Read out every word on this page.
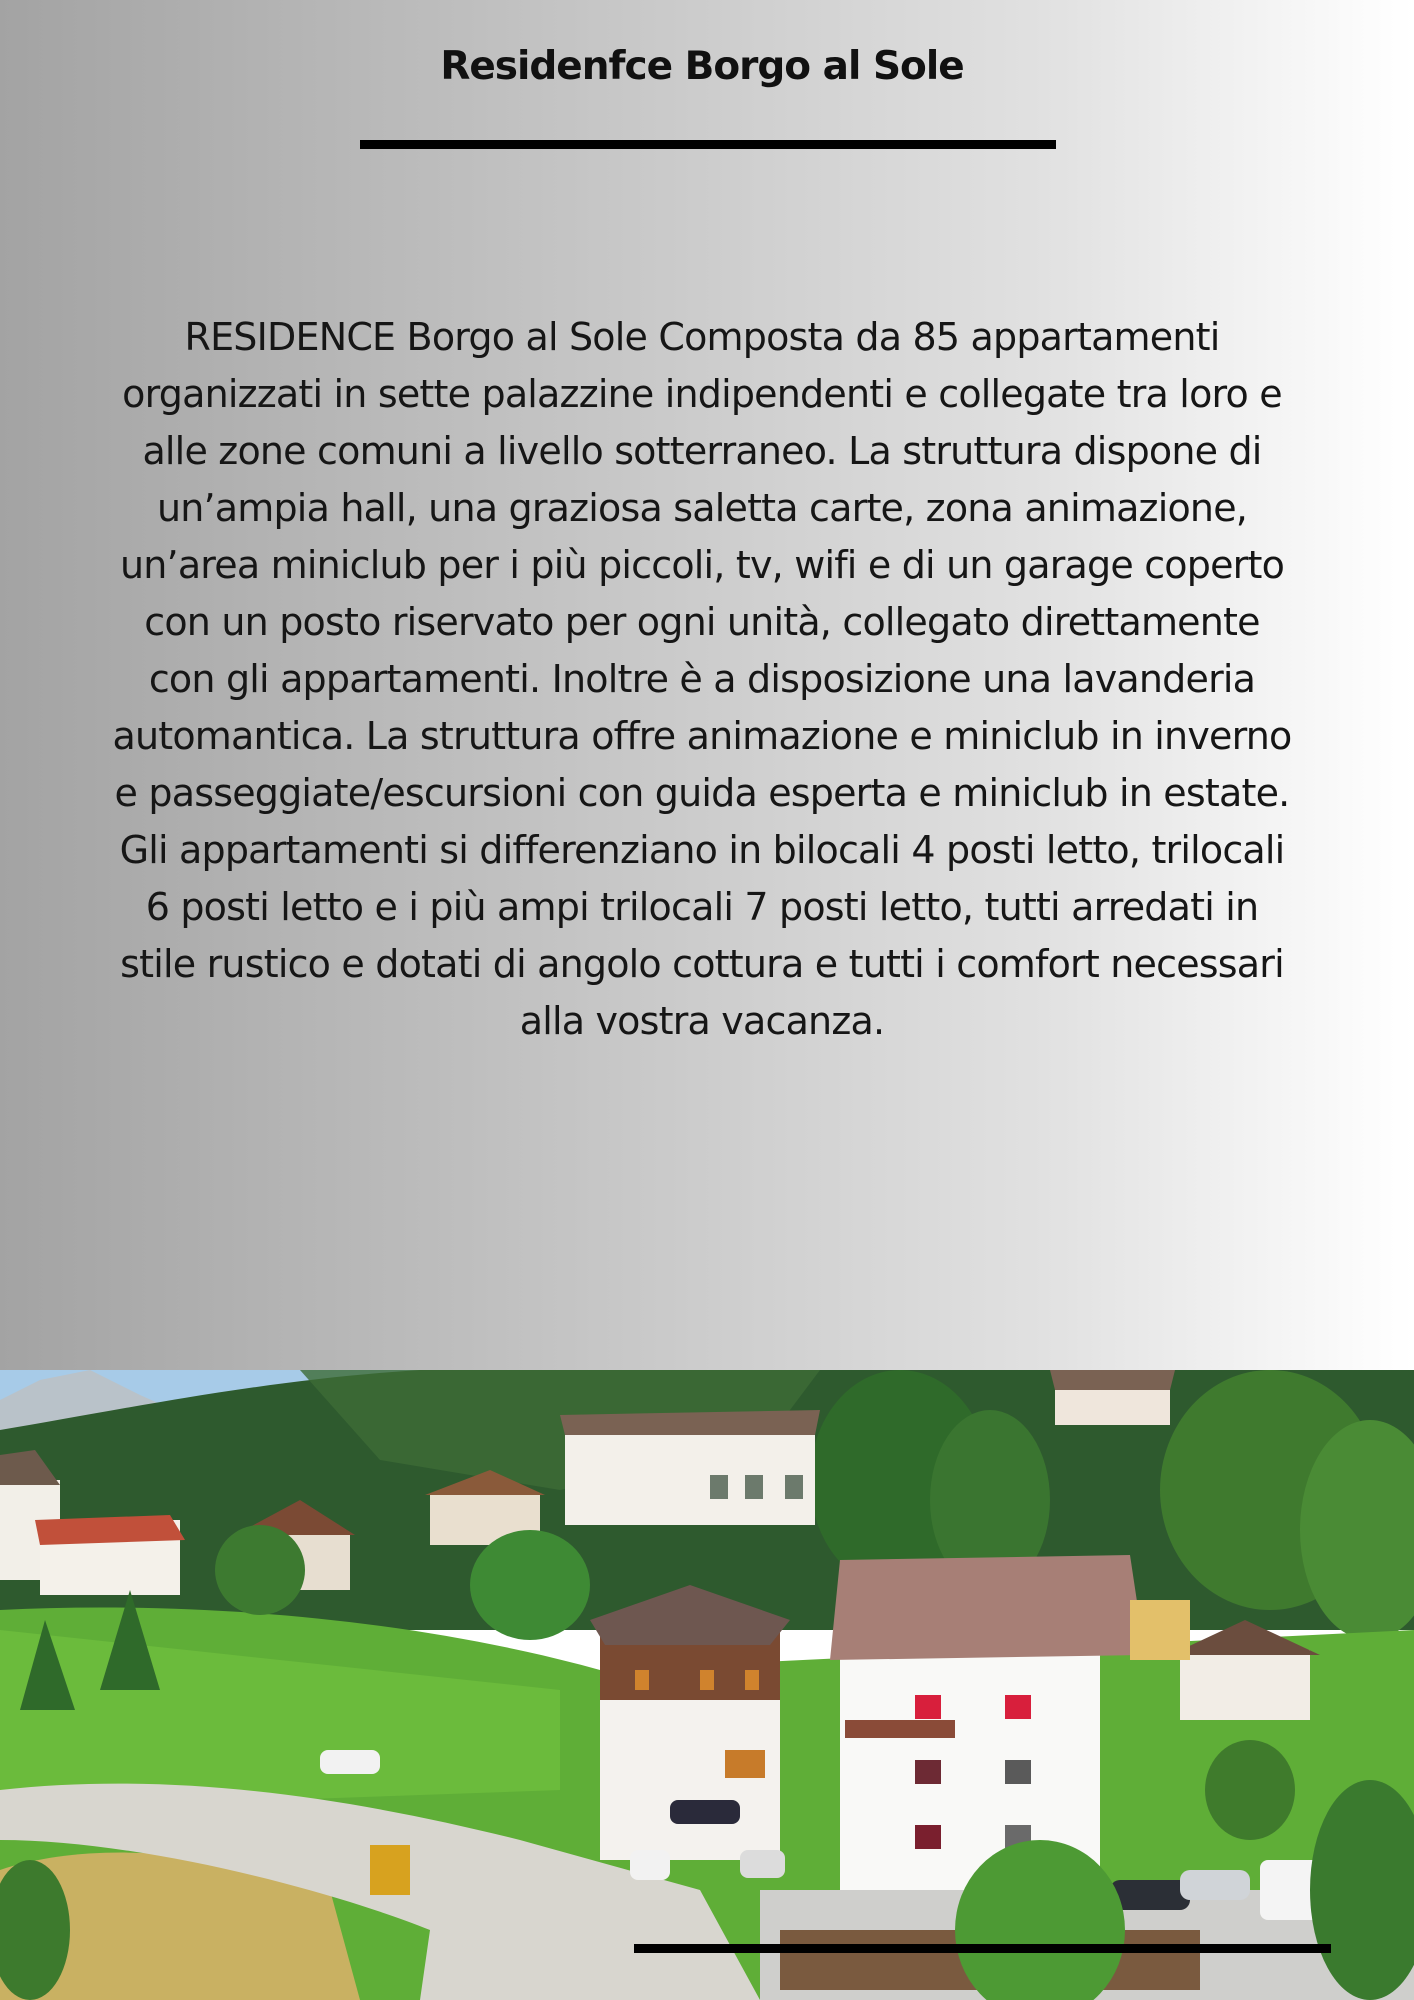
Residenfce Borgo al Sole

RESIDENCE Borgo al Sole Composta da 85 appartamenti organizzati in sette palazzine indipendenti e collegate tra loro e alle zone comuni a livello sotterraneo. La struttura dispone di un’ampia hall, una graziosa saletta carte, zona animazione, un’area miniclub per i più piccoli, tv, wifi e di un garage coperto con un posto riservato per ogni unità, collegato direttamente con gli appartamenti. Inoltre è a disposizione una lavanderia automantica. La struttura offre animazione e miniclub in inverno e passeggiate/escursioni con guida esperta e miniclub in estate. Gli appartamenti si differenziano in bilocali 4 posti letto, trilocali 6 posti letto e i più ampi trilocali 7 posti letto, tutti arredati in stile rustico e dotati di angolo cottura e tutti i comfort necessari alla vostra vacanza.
